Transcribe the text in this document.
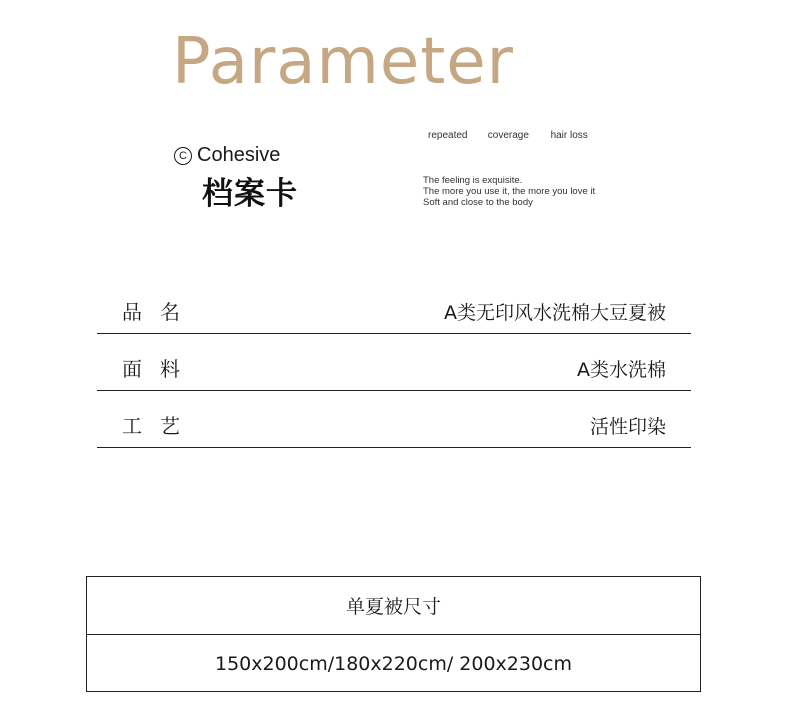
Parameter
C Cohesive
档案卡
repeated coverage hair loss
The feeling is exquisite.
The more you use it, the more you love it
Soft and close to the body
品名	A类无印风水洗棉大豆夏被
面料	A类水洗棉
工艺	活性印染
单夏被尺寸
150x200cm/180x220cm/ 200x230cm
